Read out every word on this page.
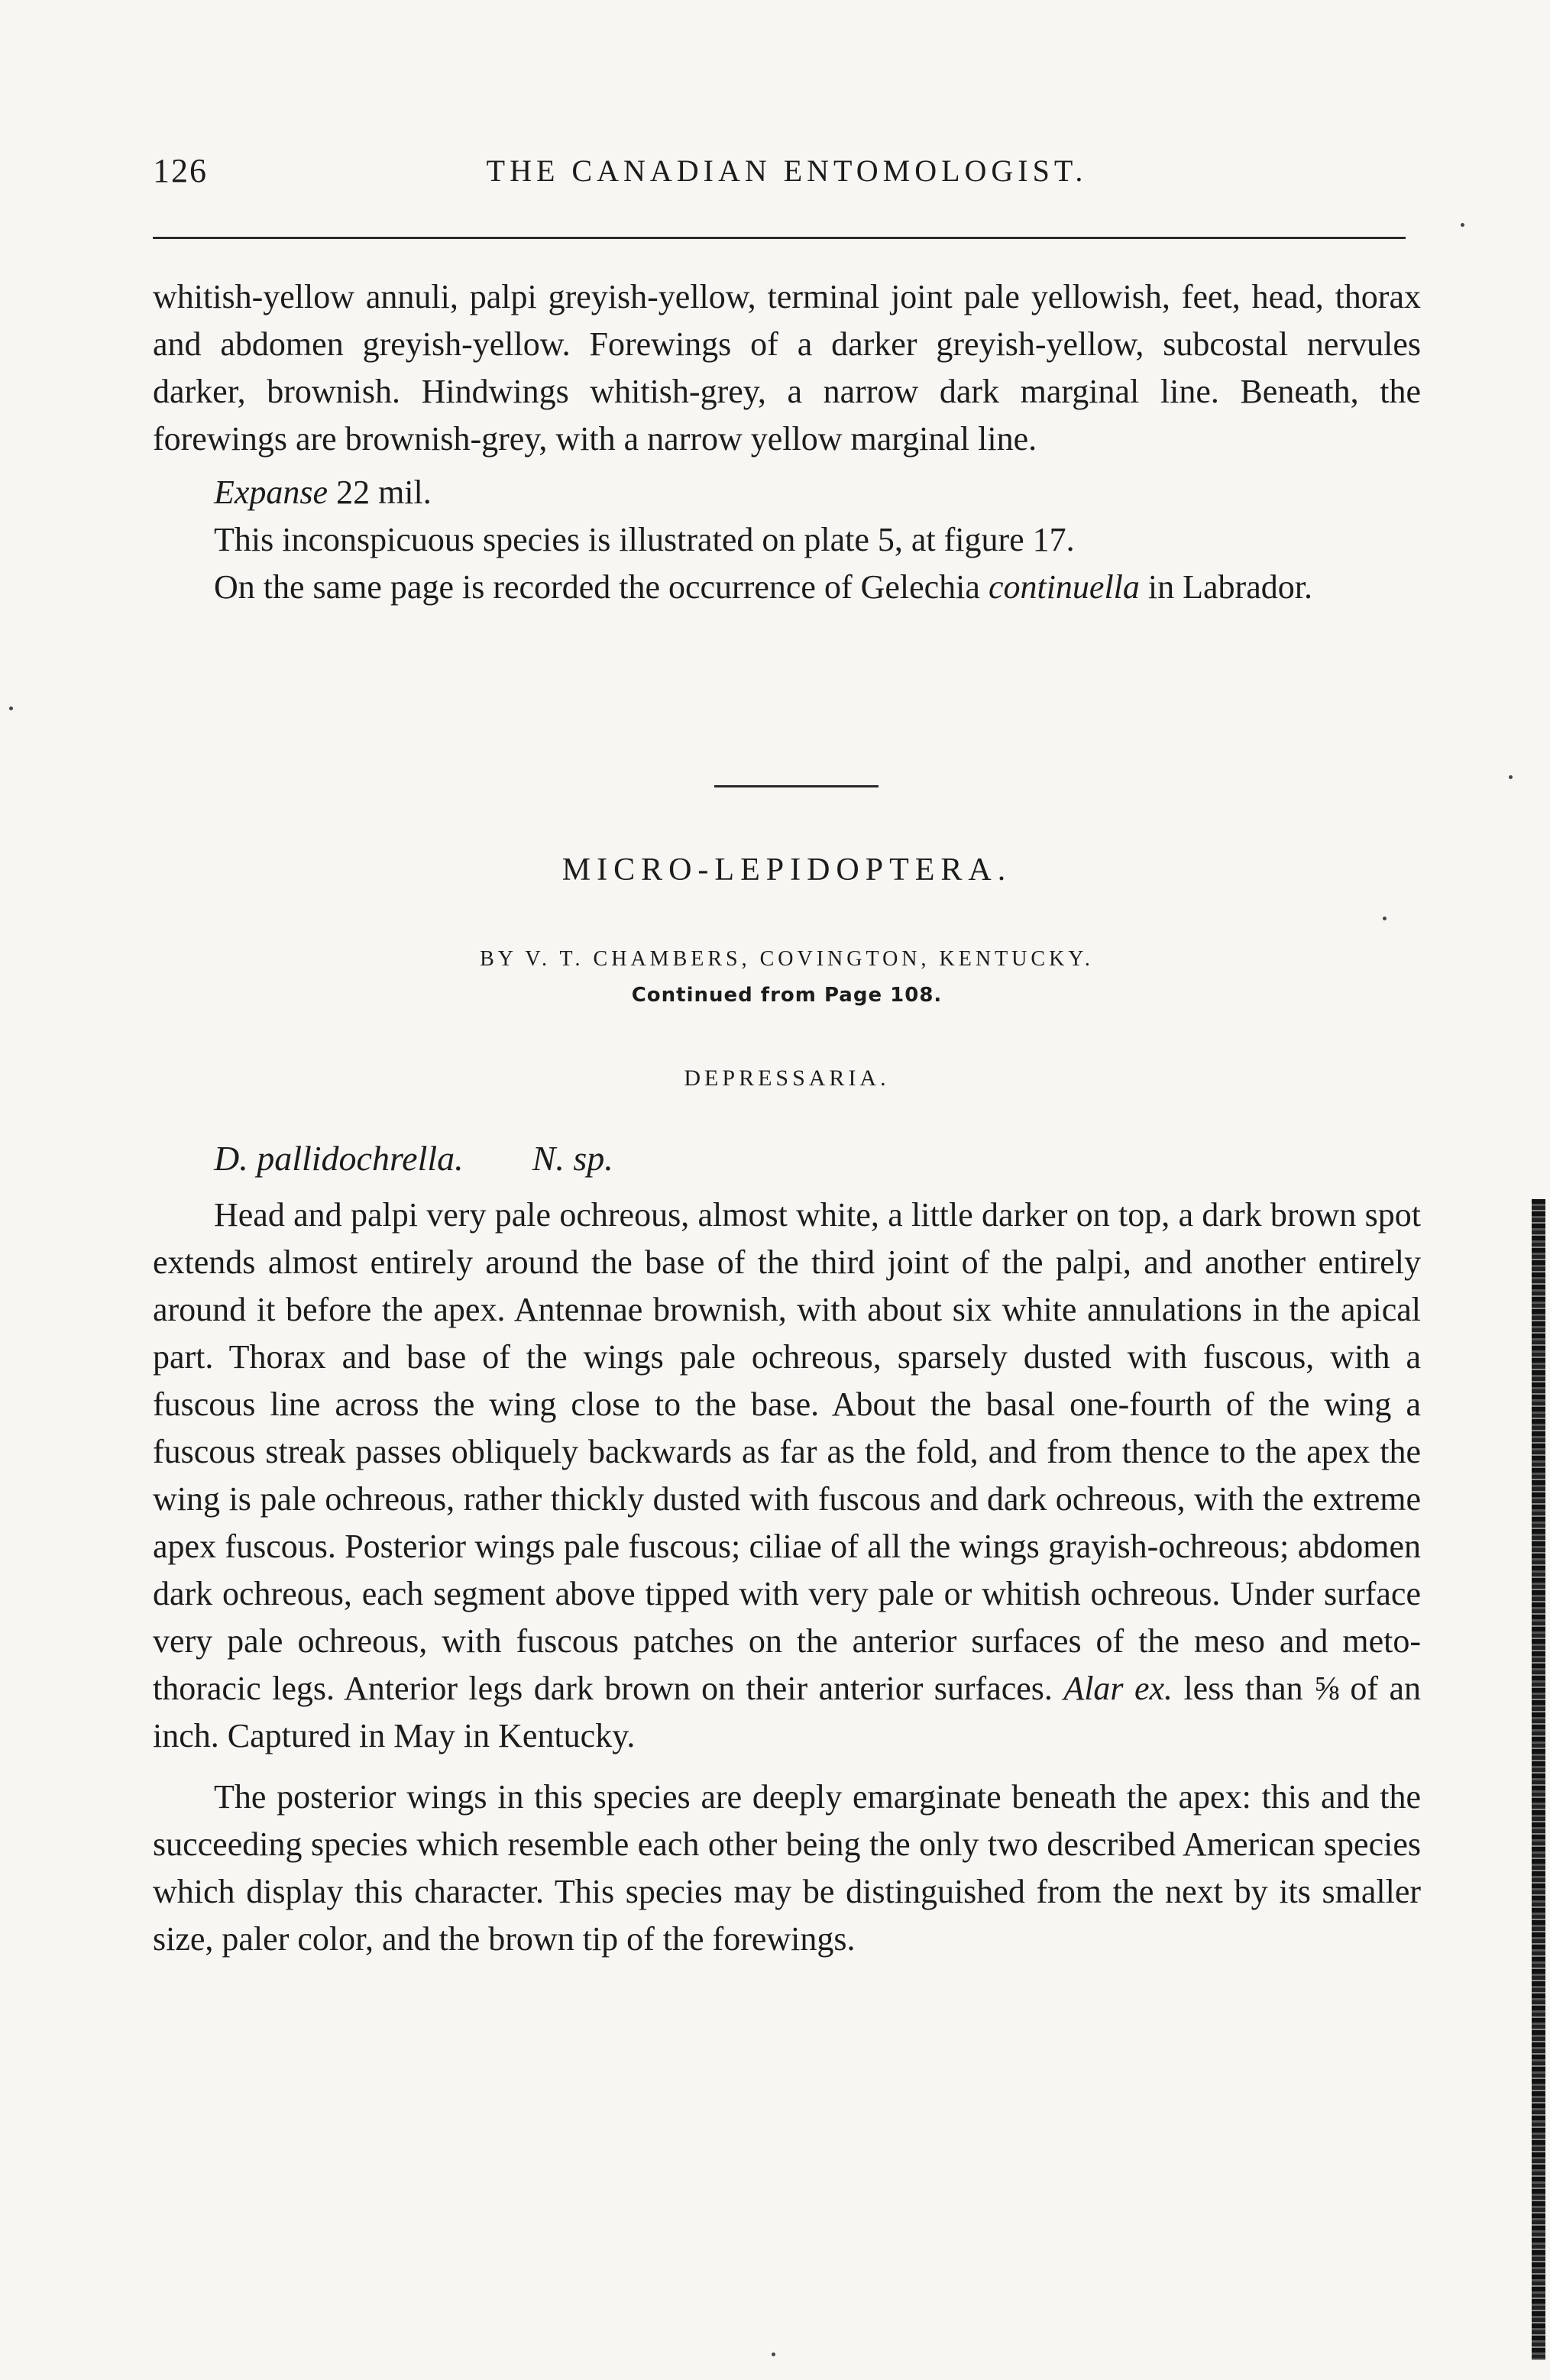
126	THE CANADIAN ENTOMOLOGIST.

whitish-yellow annuli, palpi greyish-yellow, terminal joint pale yellowish, feet, head, thorax and abdomen greyish-yellow. Forewings of a darker greyish-yellow, subcostal nervules darker, brownish. Hindwings whitish-grey, a narrow dark marginal line. Beneath, the forewings are brownish-grey, with a narrow yellow marginal line.

Expanse 22 mil.

This inconspicuous species is illustrated on plate 5, at figure 17.

On the same page is recorded the occurrence of Gelechia continuella in Labrador.

MICRO-LEPIDOPTERA.
BY V. T. CHAMBERS, COVINGTON, KENTUCKY.
Continued from Page 108.
DEPRESSARIA.
D. pallidochrella. N. sp.

Head and palpi very pale ochreous, almost white, a little darker on top, a dark brown spot extends almost entirely around the base of the third joint of the palpi, and another entirely around it before the apex. Antennae brownish, with about six white annulations in the apical part. Thorax and base of the wings pale ochreous, sparsely dusted with fuscous, with a fuscous line across the wing close to the base. About the basal one-fourth of the wing a fuscous streak passes obliquely backwards as far as the fold, and from thence to the apex the wing is pale ochreous, rather thickly dusted with fuscous and dark ochreous, with the extreme apex fuscous. Posterior wings pale fuscous; ciliae of all the wings grayish-ochreous; abdomen dark ochreous, each segment above tipped with very pale or whitish ochreous. Under surface very pale ochreous, with fuscous patches on the anterior surfaces of the meso and meto-thoracic legs. Anterior legs dark brown on their anterior surfaces. Alar ex. less than ⅝ of an inch. Captured in May in Kentucky.

The posterior wings in this species are deeply emarginate beneath the apex: this and the succeeding species which resemble each other being the only two described American species which display this character. This species may be distinguished from the next by its smaller size, paler color, and the brown tip of the forewings.
